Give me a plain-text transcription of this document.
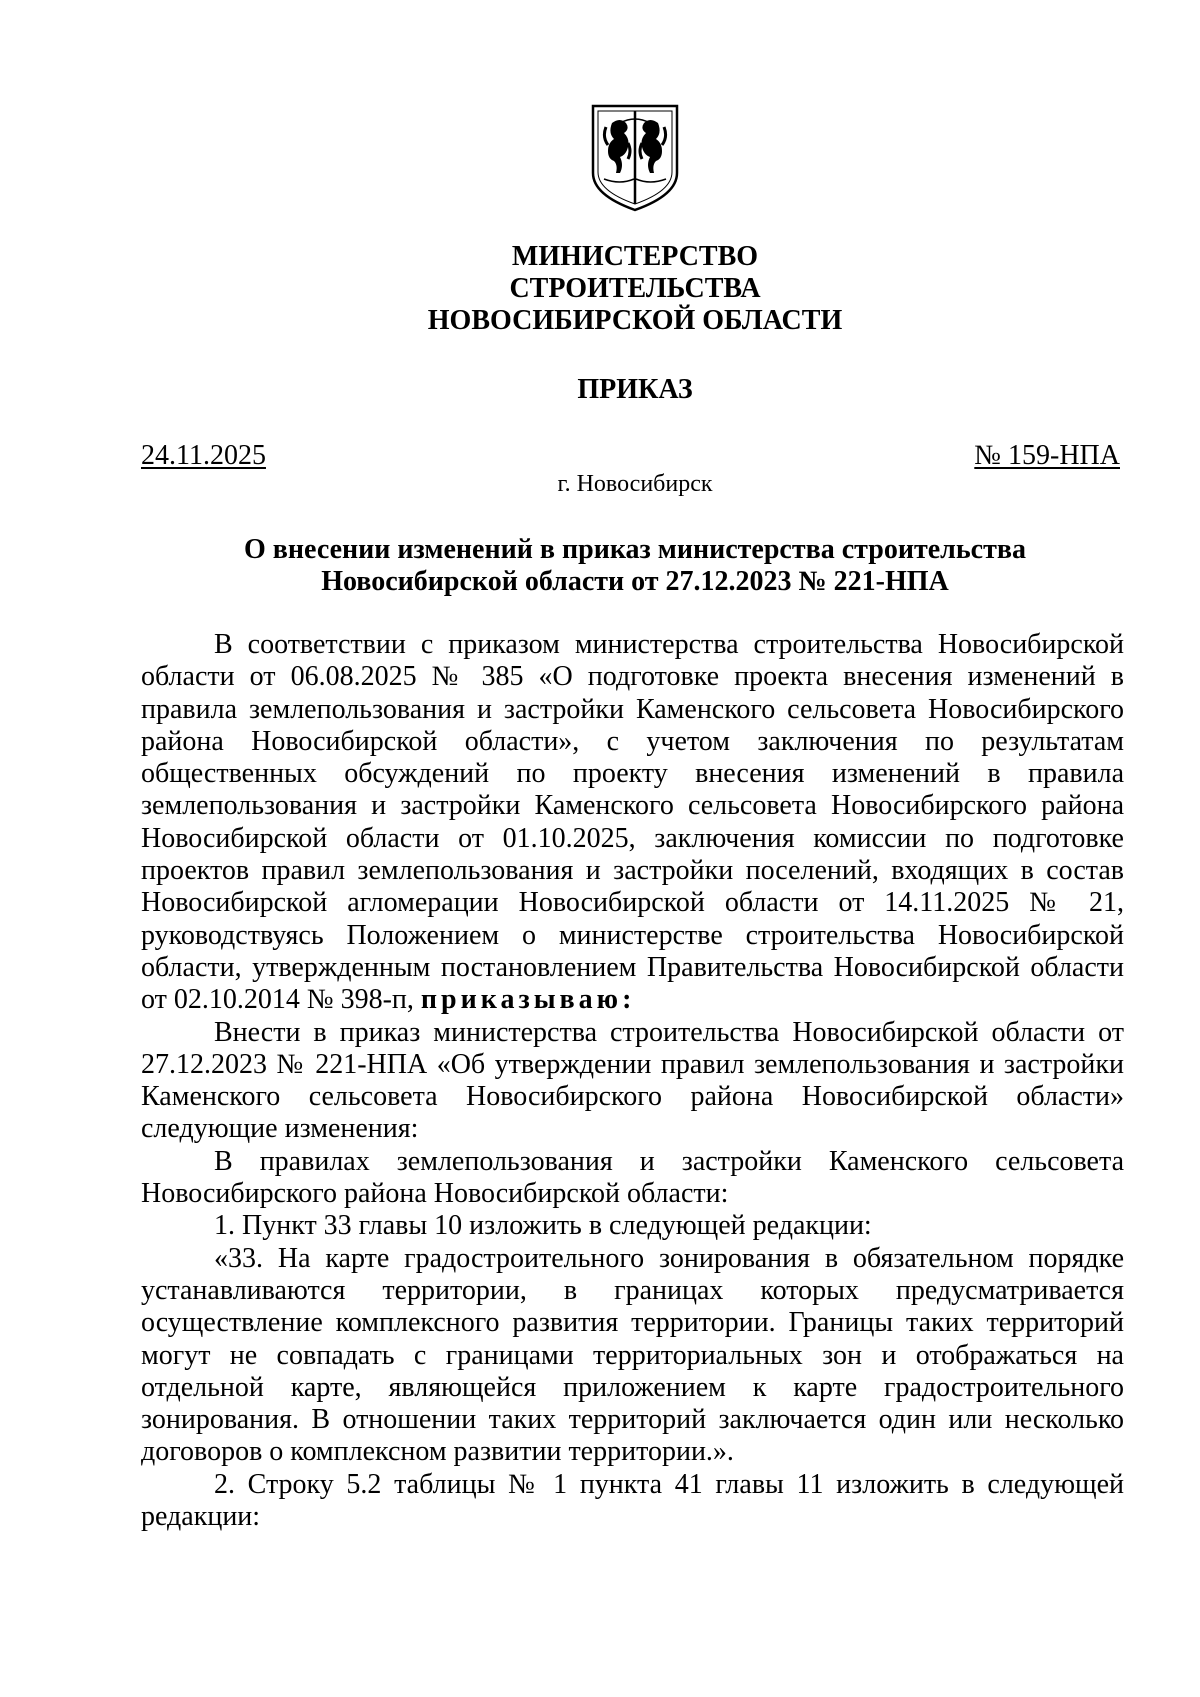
МИНИСТЕРСТВО
СТРОИТЕЛЬСТВА
НОВОСИБИРСКОЙ ОБЛАСТИ
ПРИКАЗ
24.11.2025	№ 159-НПА
г. Новосибирск
О внесении изменений в приказ министерства строительства
Новосибирской области от 27.12.2023 № 221-НПА

В соответствии с приказом министерства строительства Новосибирской области от 06.08.2025 № 385 «О подготовке проекта внесения изменений в правила землепользования и застройки Каменского сельсовета Новосибирского района Новосибирской области», с учетом заключения по результатам общественных обсуждений по проекту внесения изменений в правила землепользования и застройки Каменского сельсовета Новосибирского района Новосибирской области от 01.10.2025, заключения комиссии по подготовке проектов правил землепользования и застройки поселений, входящих в состав Новосибирской агломерации Новосибирской области от 14.11.2025 № 21, руководствуясь Положением о министерстве строительства Новосибирской области, утвержденным постановлением Правительства Новосибирской области от 02.10.2014 № 398-п, приказываю:

Внести в приказ министерства строительства Новосибирской области от 27.12.2023 № 221-НПА «Об утверждении правил землепользования и застройки Каменского сельсовета Новосибирского района Новосибирской области» следующие изменения:

В правилах землепользования и застройки Каменского сельсовета Новосибирского района Новосибирской области:

1. Пункт 33 главы 10 изложить в следующей редакции:

«33. На карте градостроительного зонирования в обязательном порядке устанавливаются территории, в границах которых предусматривается осуществление комплексного развития территории. Границы таких территорий могут не совпадать с границами территориальных зон и отображаться на отдельной карте, являющейся приложением к карте градостроительного зонирования. В отношении таких территорий заключается один или несколько договоров о комплексном развитии территории.».

2. Строку 5.2 таблицы № 1 пункта 41 главы 11 изложить в следующей редакции:
